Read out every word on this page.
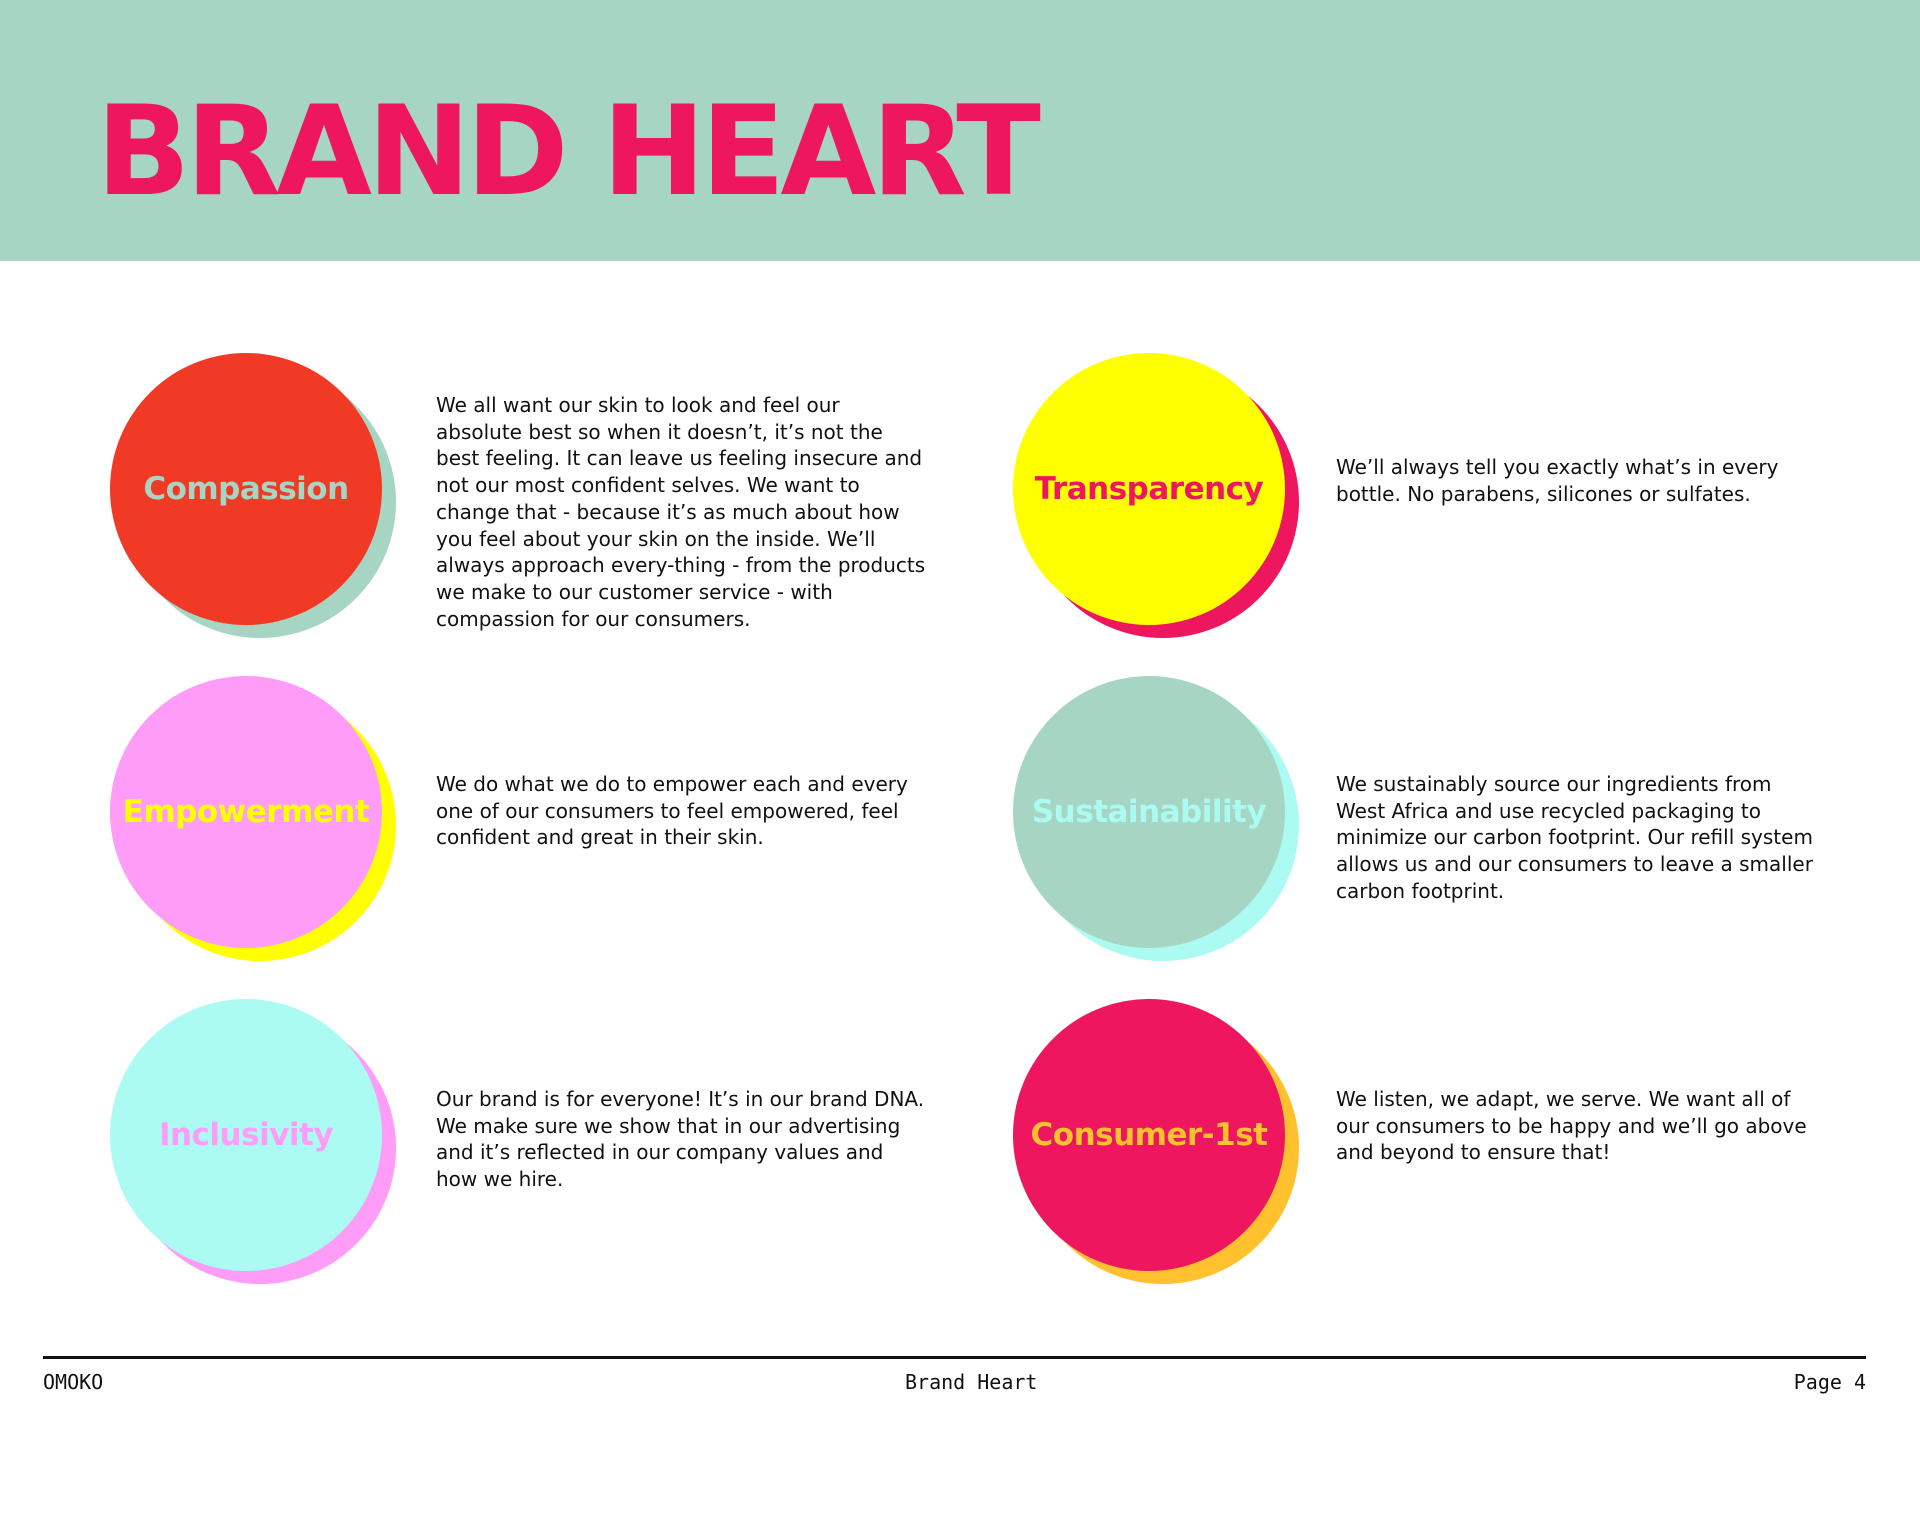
BRAND HEART
Compassion

We all want our skin to look and feel our absolute best so when it doesn’t, it’s not the best feeling. It can leave us feeling insecure and not our most confident selves. We want to change that - because it’s as much about how you feel about your skin on the inside. We’ll always approach every-thing - from the products we make to our customer service - with compassion for our consumers.

Transparency

We’ll always tell you exactly what’s in every bottle. No parabens, silicones or sulfates.

Empowerment

We do what we do to empower each and every one of our consumers to feel empowered, feel confident and great in their skin.

Sustainability

We sustainably source our ingredients from West Africa and use recycled packaging to minimize our carbon footprint. Our refill system allows us and our consumers to leave a smaller carbon footprint.

Inclusivity

Our brand is for everyone! It’s in our brand DNA. We make sure we show that in our advertising and it’s reflected in our company values and how we hire.

Consumer-1st

We listen, we adapt, we serve. We want all of our consumers to be happy and we’ll go above and beyond to ensure that!

OMOKO	Brand Heart	Page 4
